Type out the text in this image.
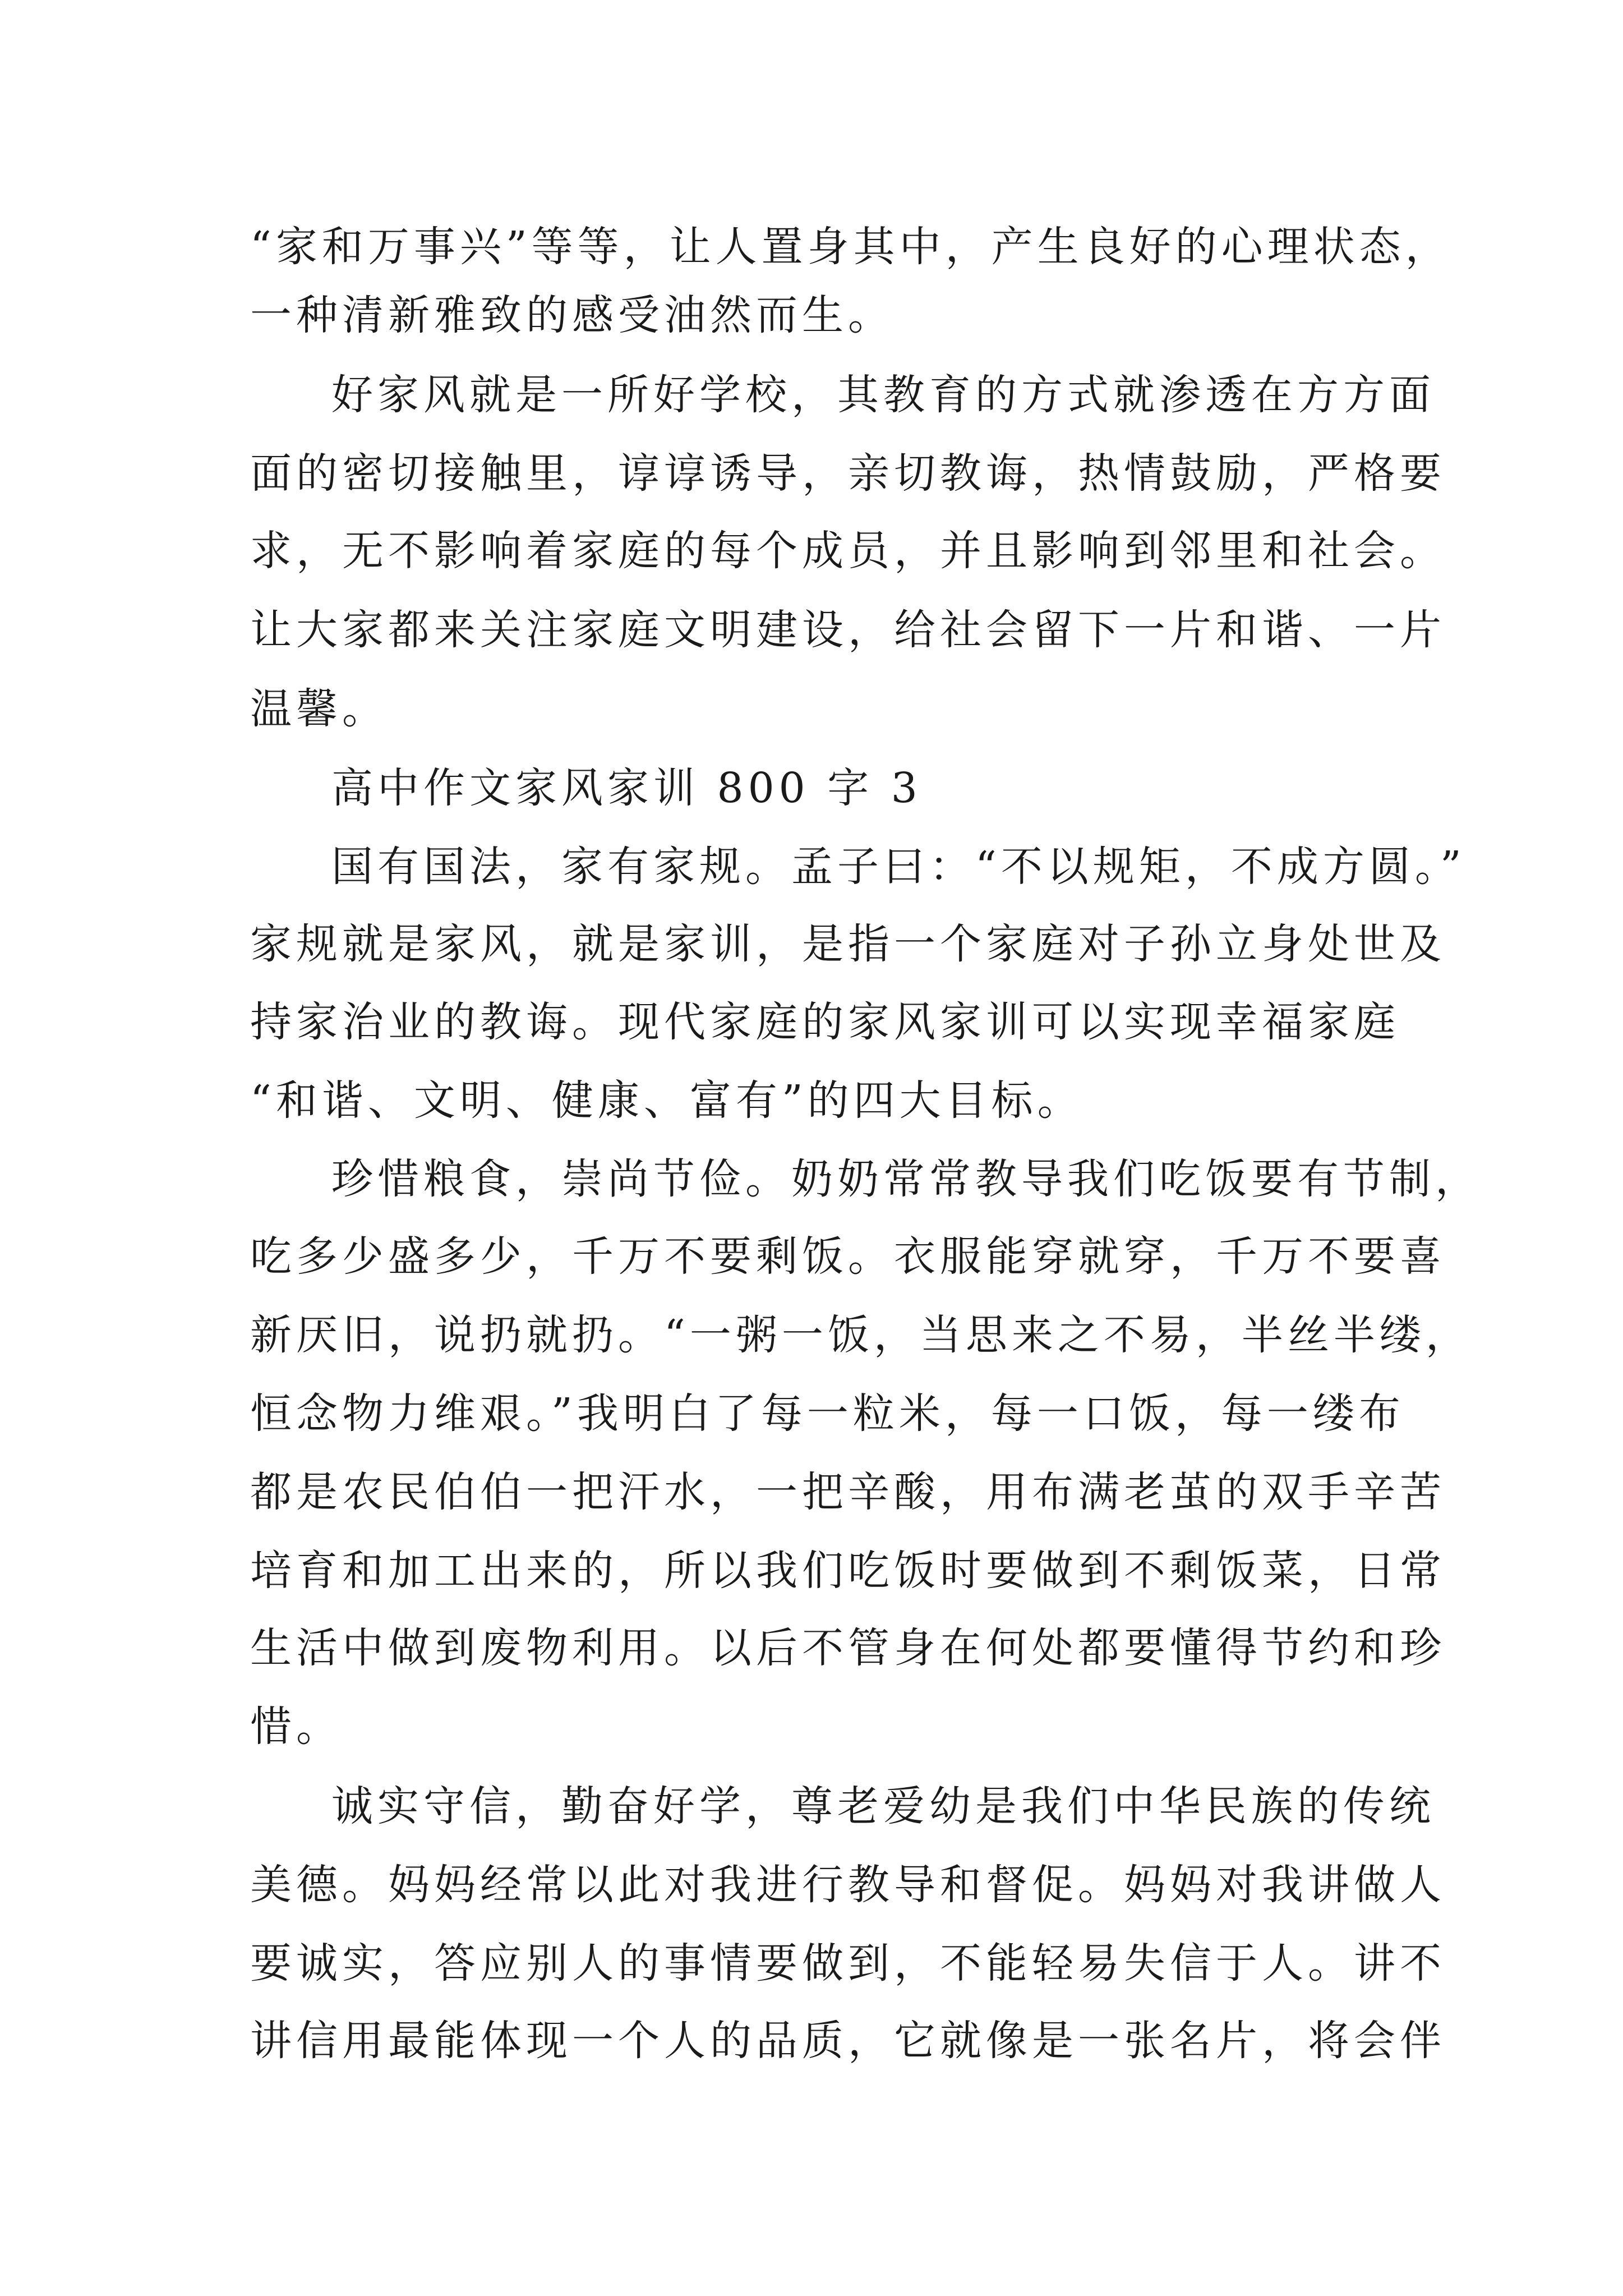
“家和万事兴”等等，让人置身其中，产生良好的心理状态，
一种清新雅致的感受油然而生。
好家风就是一所好学校，其教育的方式就渗透在方方面
面的密切接触里，谆谆诱导，亲切教诲，热情鼓励，严格要
求，无不影响着家庭的每个成员，并且影响到邻里和社会。
让大家都来关注家庭文明建设，给社会留下一片和谐、一片
温馨。
高中作文家风家训 800 字 3
国有国法，家有家规。孟子曰：“不以规矩，不成方圆。”
家规就是家风，就是家训，是指一个家庭对子孙立身处世及
持家治业的教诲。现代家庭的家风家训可以实现幸福家庭
“和谐、文明、健康、富有”的四大目标。
珍惜粮食，崇尚节俭。奶奶常常教导我们吃饭要有节制，
吃多少盛多少，千万不要剩饭。衣服能穿就穿，千万不要喜
新厌旧，说扔就扔。“一粥一饭，当思来之不易，半丝半缕，
恒念物力维艰。”我明白了每一粒米，每一口饭，每一缕布
都是农民伯伯一把汗水，一把辛酸，用布满老茧的双手辛苦
培育和加工出来的，所以我们吃饭时要做到不剩饭菜，日常
生活中做到废物利用。以后不管身在何处都要懂得节约和珍
惜。
诚实守信，勤奋好学，尊老爱幼是我们中华民族的传统
美德。妈妈经常以此对我进行教导和督促。妈妈对我讲做人
要诚实，答应别人的事情要做到，不能轻易失信于人。讲不
讲信用最能体现一个人的品质，它就像是一张名片，将会伴
